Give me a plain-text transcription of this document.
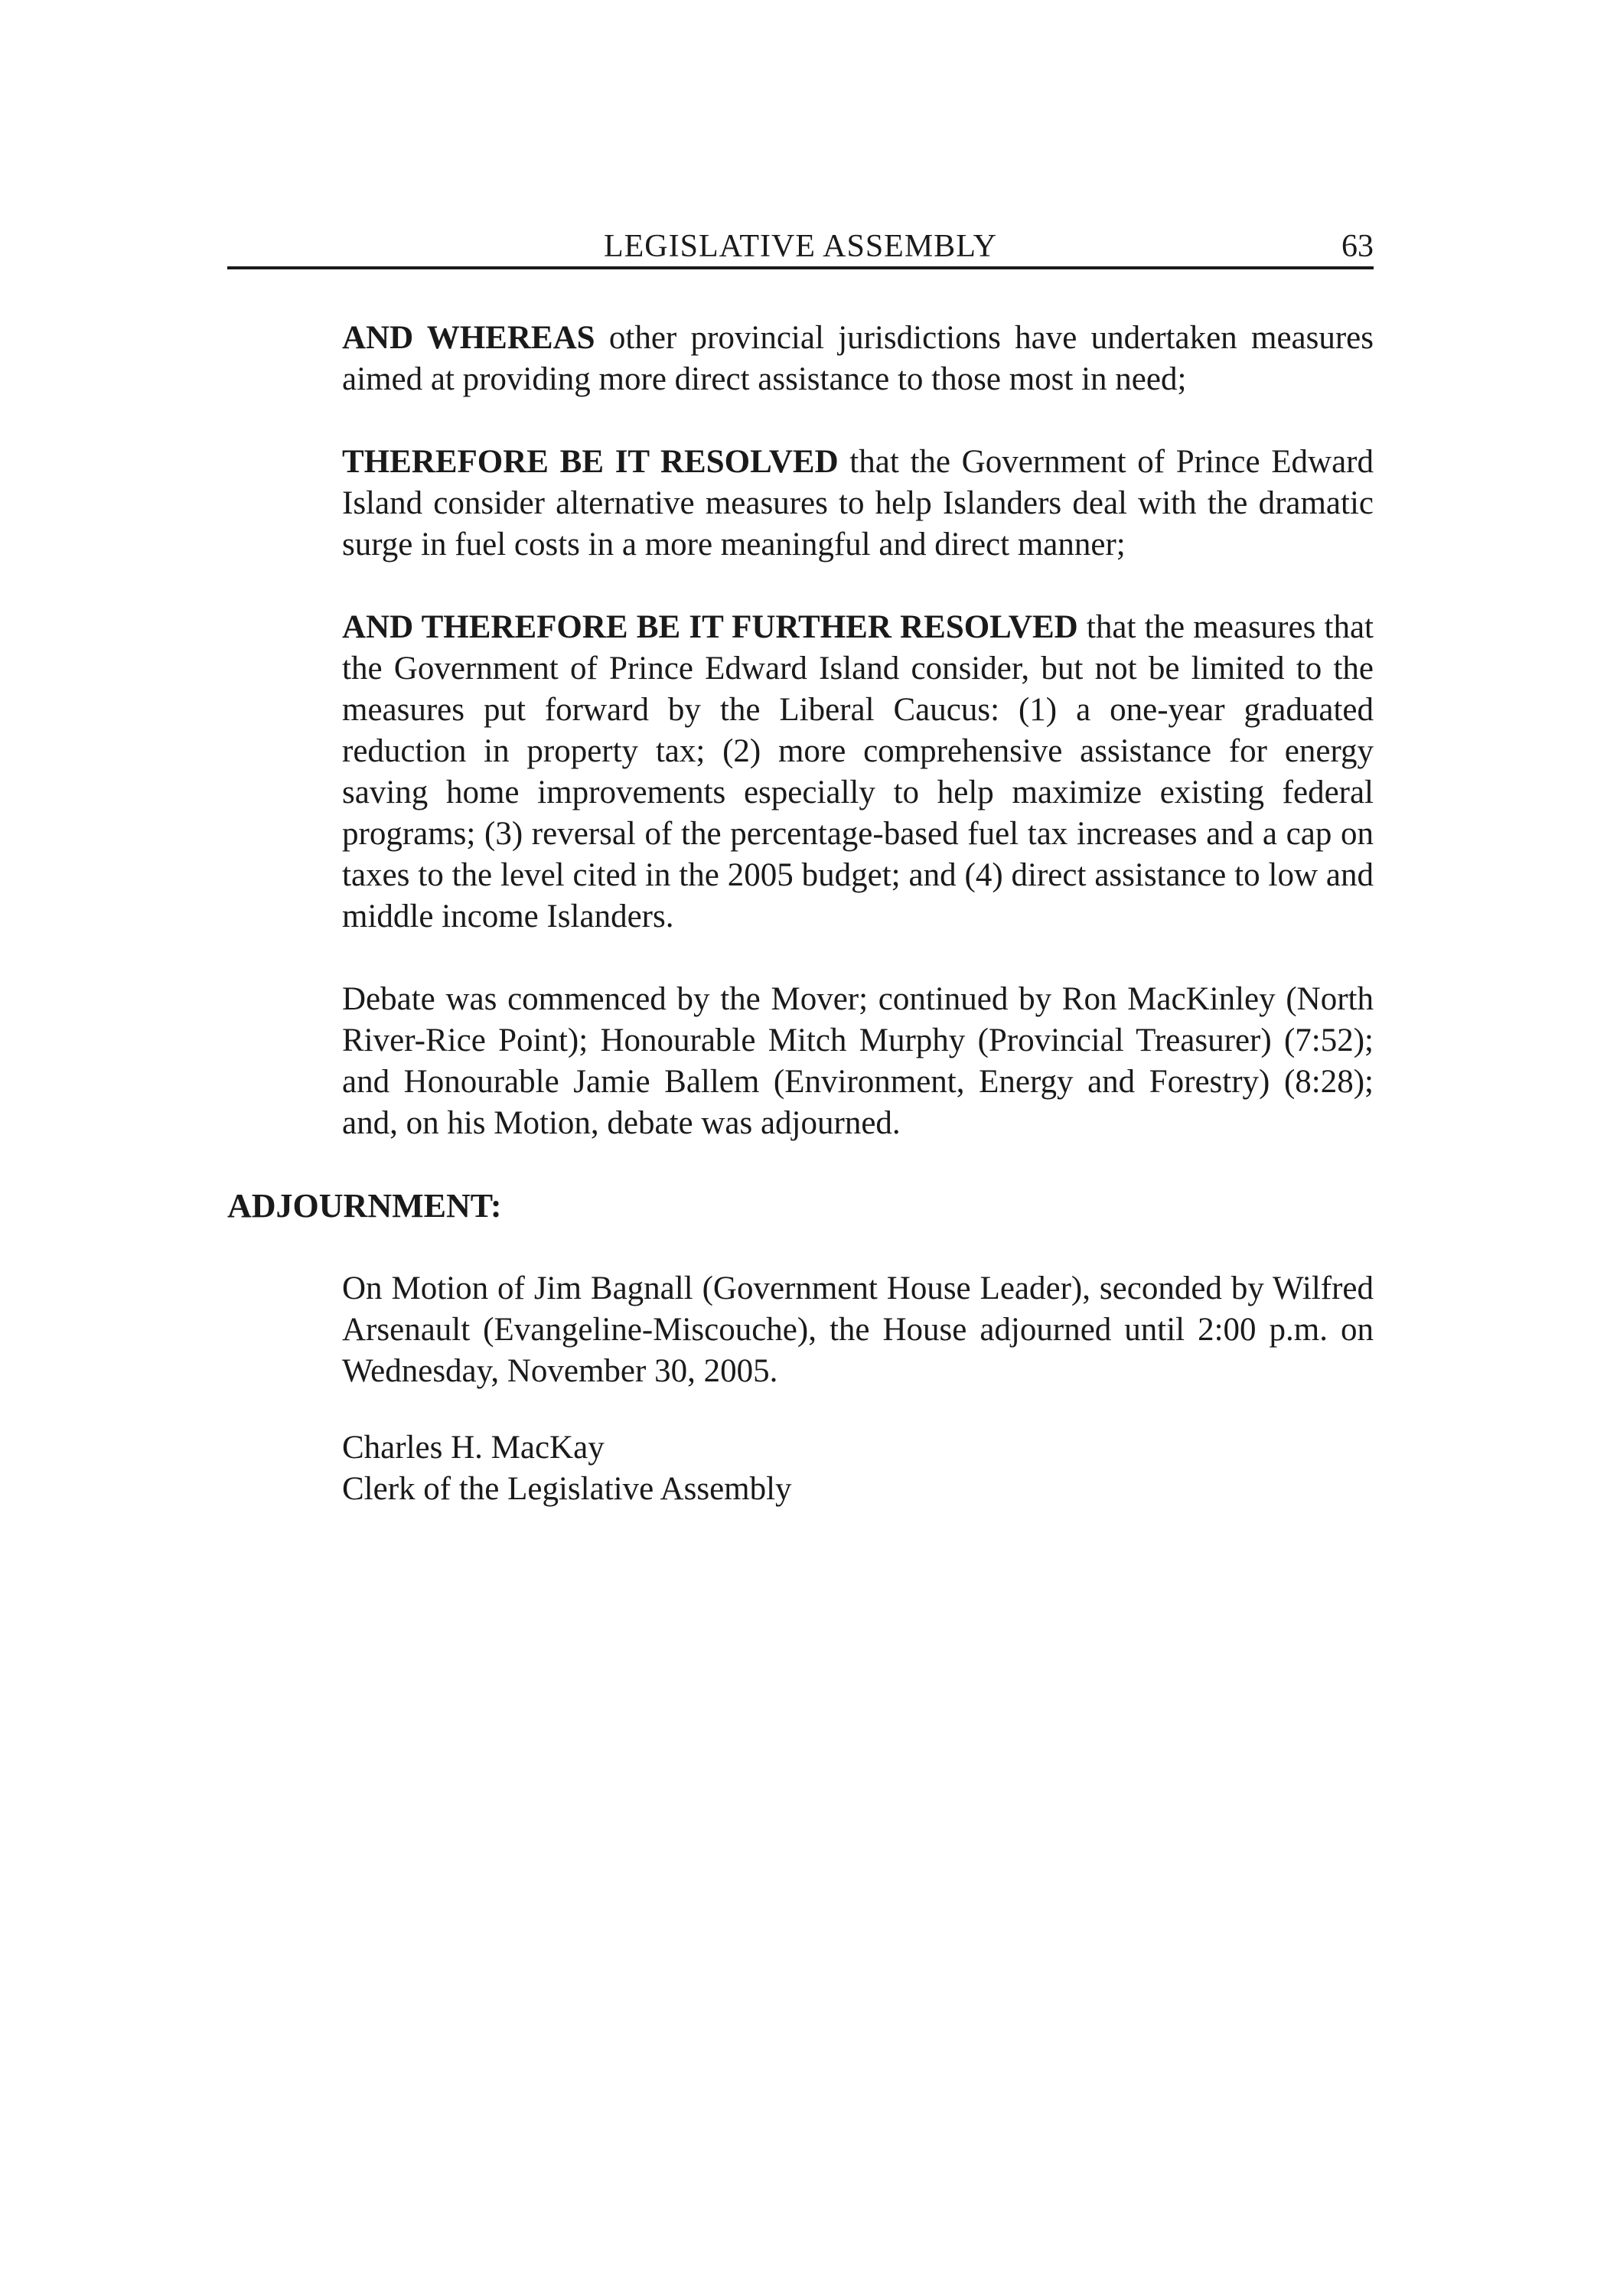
LEGISLATIVE ASSEMBLY	63

AND WHEREAS other provincial jurisdictions have undertaken measures aimed at providing more direct assistance to those most in need;

THEREFORE BE IT RESOLVED that the Government of Prince Edward Island consider alternative measures to help Islanders deal with the dramatic surge in fuel costs in a more meaningful and direct manner;

AND THEREFORE BE IT FURTHER RESOLVED that the measures that the Government of Prince Edward Island consider, but not be limited to the measures put forward by the Liberal Caucus: (1) a one-year graduated reduction in property tax; (2) more comprehensive assistance for energy saving home improvements especially to help maximize existing federal programs; (3) reversal of the percentage-based fuel tax increases and a cap on taxes to the level cited in the 2005 budget; and (4) direct assistance to low and middle income Islanders.

Debate was commenced by the Mover; continued by Ron MacKinley (North River-Rice Point); Honourable Mitch Murphy (Provincial Treasurer) (7:52); and Honourable Jamie Ballem (Environment, Energy and Forestry) (8:28); and, on his Motion, debate was adjourned.

ADJOURNMENT:

On Motion of Jim Bagnall (Government House Leader), seconded by Wilfred Arsenault (Evangeline-Miscouche), the House adjourned until 2:00 p.m. on Wednesday, November 30, 2005.

Charles H. MacKay
Clerk of the Legislative Assembly
